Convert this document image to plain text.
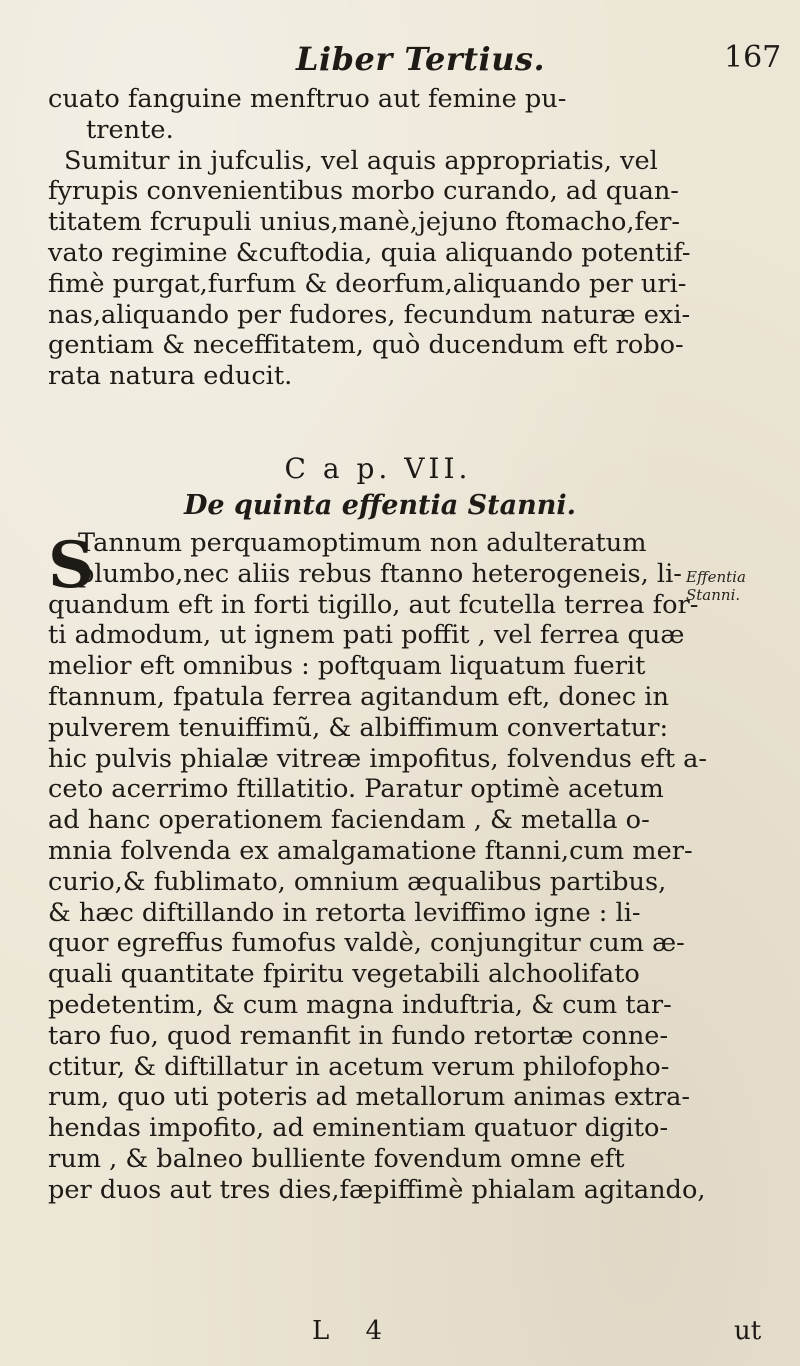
Liber Tertius.	167
cuato fanguine menftruo aut femine pu-
trente.
Sumitur in jufculis, vel aquis appropriatis, vel
fyrupis convenientibus morbo curando, ad quan-
titatem fcrupuli unius,manè,jejuno ftomacho,fer-
vato regimine &cuftodia, quia aliquando potentif-
fimè purgat,furfum & deorfum,aliquando per uri-
nas,aliquando per fudores, fecundum naturæ exi-
gentiam & neceffitatem, quò ducendum eft robo-
rata natura educit.
C a p. VII.
De quinta effentia Stanni.
S
Tannum perquamoptimum non adulteratum
plumbo,nec aliis rebus ftanno heterogeneis, li-
quandum eft in forti tigillo, aut fcutella terrea for-
ti admodum, ut ignem pati poffit , vel ferrea quæ
melior eft omnibus : poftquam liquatum fuerit
ftannum, fpatula ferrea agitandum eft, donec in
pulverem tenuiffimũ, & albiffimum convertatur:
hic pulvis phialæ vitreæ impofitus, folvendus eft a-
ceto acerrimo ftillatitio. Paratur optimè acetum
ad hanc operationem faciendam , & metalla o-
mnia folvenda ex amalgamatione ftanni,cum mer-
curio,& fublimato, omnium æqualibus partibus,
& hæc diftillando in retorta leviffimo igne : li-
quor egreffus fumofus valdè, conjungitur cum æ-
quali quantitate fpiritu vegetabili alchoolifato
pedetentim, & cum magna induftria, & cum tar-
taro fuo, quod remanfit in fundo retortæ conne-
ctitur, & diftillatur in acetum verum philofopho-
rum, quo uti poteris ad metallorum animas extra-
hendas impofito, ad eminentiam quatuor digito-
rum , & balneo bulliente fovendum omne eft
per duos aut tres dies,fæpiffimè phialam agitando,
Effentia
Stanni.
L 4	ut
